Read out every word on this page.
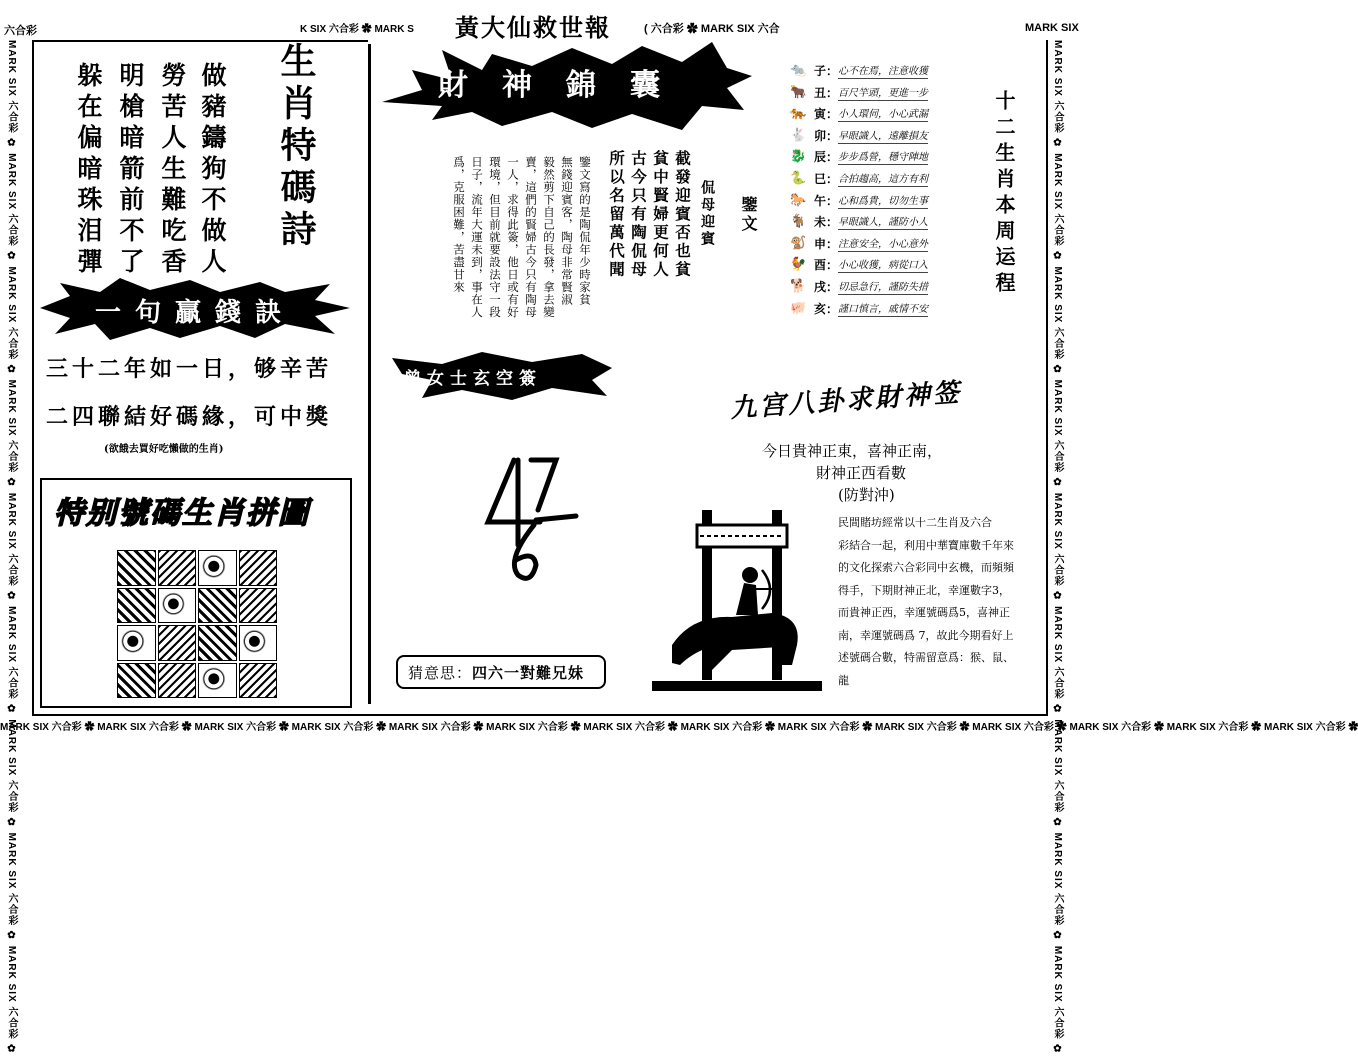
K SIX 六合彩 ✿ MARK S	黃大仙救世報	( 六合彩 ✿ MARK SIX 六合
六合彩	MARK SIX
MARK SIX 六合彩 ✿ MARK SIX 六合彩 ✿ MARK SIX 六合彩 ✿ MARK SIX 六合彩 ✿ MARK SIX 六合彩 ✿ MARK SIX 六合彩 ✿ MARK SIX 六合彩 ✿ MARK SIX 六合彩 ✿ MARK SIX 六合彩 ✿ MARK SIX 六合彩 ✿ MARK SIX 六合彩 ✿ MARK SIX 六合彩 ✿ MARK SIX 六合彩 ✿ MARK SIX 六合彩 ✿
MARK SIX 六合彩 ✿ MARK SIX 六合彩 ✿ MARK SIX 六合彩 ✿ MARK SIX 六合彩 ✿ MARK SIX 六合彩 ✿ MARK SIX 六合彩 ✿ MARK SIX 六合彩 ✿ MARK SIX 六合彩 ✿ MARK SIX 六合彩 ✿	MARK SIX 六合彩 ✿ MARK SIX 六合彩 ✿ MARK SIX 六合彩 ✿ MARK SIX 六合彩 ✿ MARK SIX 六合彩 ✿ MARK SIX 六合彩 ✿ MARK SIX 六合彩 ✿ MARK SIX 六合彩 ✿ MARK SIX 六合彩 ✿
生肖特碼詩
做豬鑄狗不做人
勞苦人生難吃香
明槍暗箭前不了
躲在偏暗珠泪彈
一句贏錢訣
三十二年如一日，够辛苦
二四聯結好碼緣，可中獎
(欲餓去買好吃懶做的生肖)
特别號碼生肖拼圖
財神錦囊
鑒文
侃母迎賓
截發迎賓否也貧
貧中賢婦更何人
古今只有陶侃母
所以名留萬代聞
鑒文寫的是陶侃年少時家貧
無錢迎賓客，陶母非常賢淑
毅然剪下自己的長發，拿去變
賣，這們的賢婦古今只有陶母
一人，求得此簽，他日或有好
環境，但目前就要設法守一段
日子，流年大運未到，事在人
爲，克服困難，苦盡甘來
曾女士玄空簽
猜意思： 四六一對難兄妹
🐀 子： 心不在焉，注意收獲
🐂 丑： 百尺竿頭，更進一步
🐅 寅： 小人環伺，小心武漏
🐇 卯： 早眼識人，遠離損友
🐉 辰： 步步爲營，穩守陣地
🐍 巳： 合拍趨高，這方有利
🐎 午： 心和爲貴，切勿生事
🐐 未： 早眼識人，謹防小人
🐒 申： 注意安全，小心意外
🐓 酉： 小心收獲，病從口入
🐕 戌： 切忌急行，謹防失措
🐖 亥： 謹口慎言，戚情不安
十二生肖本周运程
九宫八卦求財神签
今日貴神正東，喜神正南，
財神正西看數
(防對沖)
民間賭坊經常以十二生肖及六合
彩結合一起，利用中華寶庫數千年來
的文化探索六合彩同中玄機，而頻頻
得手，下期財神正北，幸運數字3，
而貴神正西，幸運號碼爲5，喜神正
南，幸運號碼爲 7，故此今期看好上
述號碼合數，特需留意爲：猴、鼠、
龍
